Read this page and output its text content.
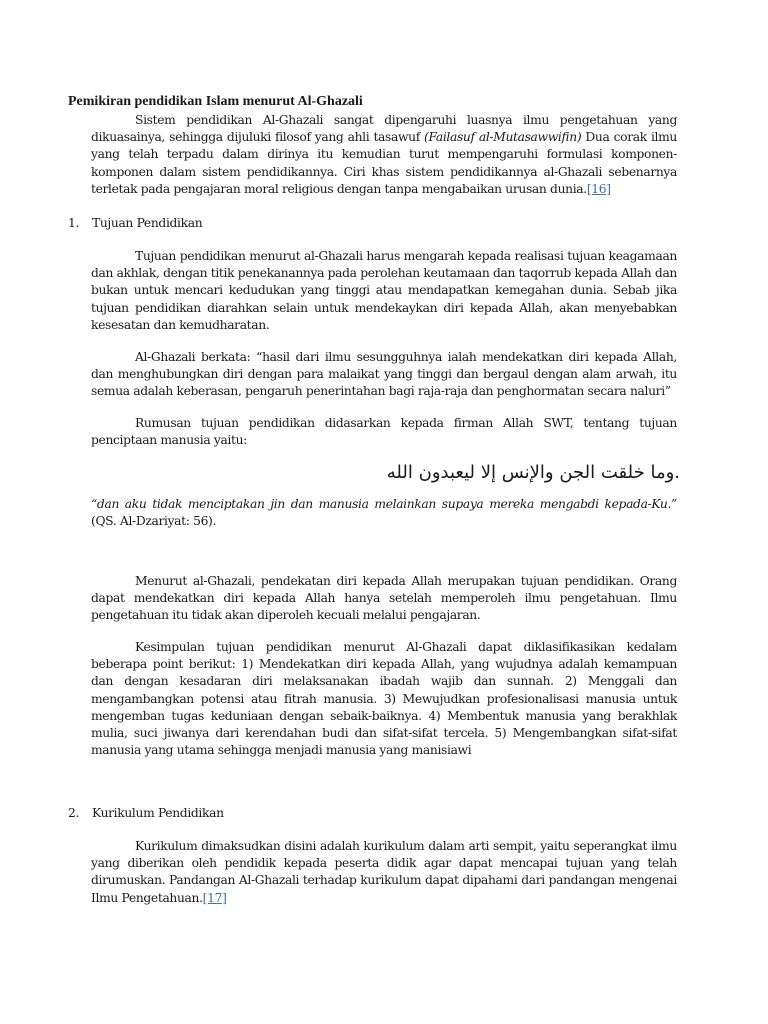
Pemikiran pendidikan Islam menurut Al-Ghazali

Sistem pendidikan Al-Ghazali sangat dipengaruhi luasnya ilmu pengetahuan yang dikuasainya, sehingga dijuluki filosof yang ahli tasawuf (Failasuf al-Mutasawwifin) Dua corak ilmu yang telah terpadu dalam dirinya itu kemudian turut mempengaruhi formulasi komponen-komponen dalam sistem pendidikannya. Ciri khas sistem pendidikannya al-Ghazali sebenarnya terletak pada pengajaran moral religious dengan tanpa mengabaikan urusan dunia.[16]

1. Tujuan Pendidikan

Tujuan pendidikan menurut al-Ghazali harus mengarah kepada realisasi tujuan keagamaan dan akhlak, dengan titik penekanannya pada perolehan keutamaan dan taqorrub kepada Allah dan bukan untuk mencari kedudukan yang tinggi atau mendapatkan kemegahan dunia. Sebab jika tujuan pendidikan diarahkan selain untuk mendekaykan diri kepada Allah, akan menyebabkan kesesatan dan kemudharatan.

Al-Ghazali berkata: “hasil dari ilmu sesungguhnya ialah mendekatkan diri kepada Allah, dan menghubungkan diri dengan para malaikat yang tinggi dan bergaul dengan alam arwah, itu semua adalah keberasan, pengaruh penerintahan bagi raja-raja dan penghormatan secara naluri”

Rumusan tujuan pendidikan didasarkan kepada firman Allah SWT, tentang tujuan penciptaan manusia yaitu:

.ﻭﻣﺎ ﺧﻠﻘﺖ ﺍﻟﺠﻦ ﻭﺍﻹﻧﺲ ﺇﻻ ﻟﻴﻌﺒﺪﻭﻥ ﺍﻟﻠﻪ

“dan aku tidak menciptakan jin dan manusia melainkan supaya mereka mengabdi kepada-Ku.” (QS. Al-Dzariyat: 56).

Menurut al-Ghazali, pendekatan diri kepada Allah merupakan tujuan pendidikan. Orang dapat mendekatkan diri kepada Allah hanya setelah memperoleh ilmu pengetahuan. Ilmu pengetahuan itu tidak akan diperoleh kecuali melalui pengajaran.

Kesimpulan tujuan pendidikan menurut Al-Ghazali dapat diklasifikasikan kedalam beberapa point berikut: 1) Mendekatkan diri kepada Allah, yang wujudnya adalah kemampuan dan dengan kesadaran diri melaksanakan ibadah wajib dan sunnah. 2) Menggali dan mengambangkan potensi atau fitrah manusia. 3) Mewujudkan profesionalisasi manusia untuk mengemban tugas keduniaan dengan sebaik-baiknya. 4) Membentuk manusia yang berakhlak mulia, suci jiwanya dari kerendahan budi dan sifat-sifat tercela. 5) Mengembangkan sifat-sifat manusia yang utama sehingga menjadi manusia yang manisiawi

2. Kurikulum Pendidikan

Kurikulum dimaksudkan disini adalah kurikulum dalam arti sempit, yaitu seperangkat ilmu yang diberikan oleh pendidik kepada peserta didik agar dapat mencapai tujuan yang telah dirumuskan. Pandangan Al-Ghazali terhadap kurikulum dapat dipahami dari pandangan mengenai Ilmu Pengetahuan.[17]
